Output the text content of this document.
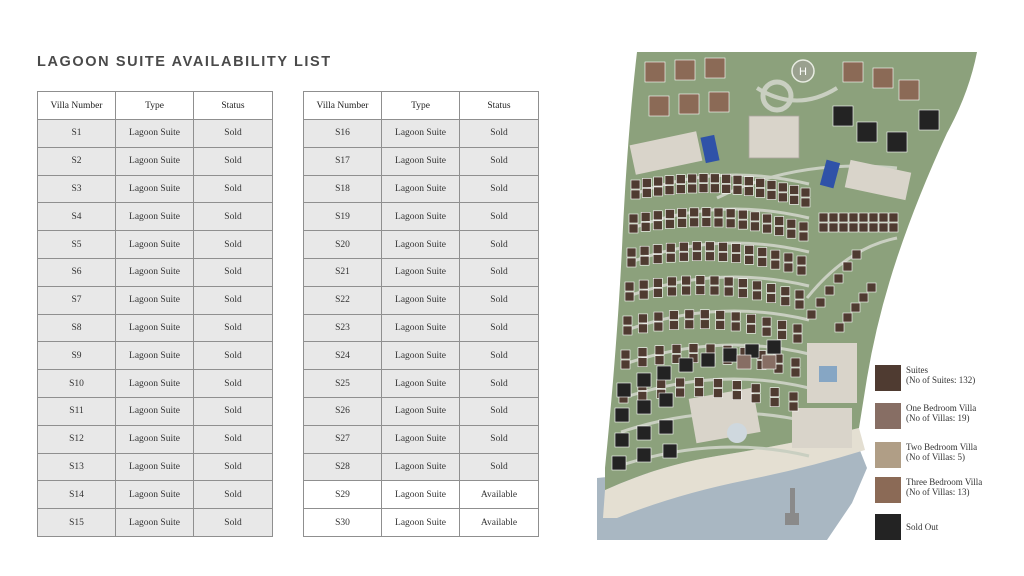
LAGOON SUITE AVAILABILITY LIST
Villa Number	Type	Status
S1	Lagoon Suite	Sold
S2	Lagoon Suite	Sold
S3	Lagoon Suite	Sold
S4	Lagoon Suite	Sold
S5	Lagoon Suite	Sold
S6	Lagoon Suite	Sold
S7	Lagoon Suite	Sold
S8	Lagoon Suite	Sold
S9	Lagoon Suite	Sold
S10	Lagoon Suite	Sold
S11	Lagoon Suite	Sold
S12	Lagoon Suite	Sold
S13	Lagoon Suite	Sold
S14	Lagoon Suite	Sold
S15	Lagoon Suite	Sold
Villa Number	Type	Status
S16	Lagoon Suite	Sold
S17	Lagoon Suite	Sold
S18	Lagoon Suite	Sold
S19	Lagoon Suite	Sold
S20	Lagoon Suite	Sold
S21	Lagoon Suite	Sold
S22	Lagoon Suite	Sold
S23	Lagoon Suite	Sold
S24	Lagoon Suite	Sold
S25	Lagoon Suite	Sold
S26	Lagoon Suite	Sold
S27	Lagoon Suite	Sold
S28	Lagoon Suite	Sold
S29	Lagoon Suite	Available
S30	Lagoon Suite	Available
H
Suites
(No of Suites: 132)
One Bedroom Villa
(No of Villas: 19)
Two Bedroom Villa
(No of Villas: 5)
Three Bedroom Villa
(No of Villas: 13)
Sold Out
